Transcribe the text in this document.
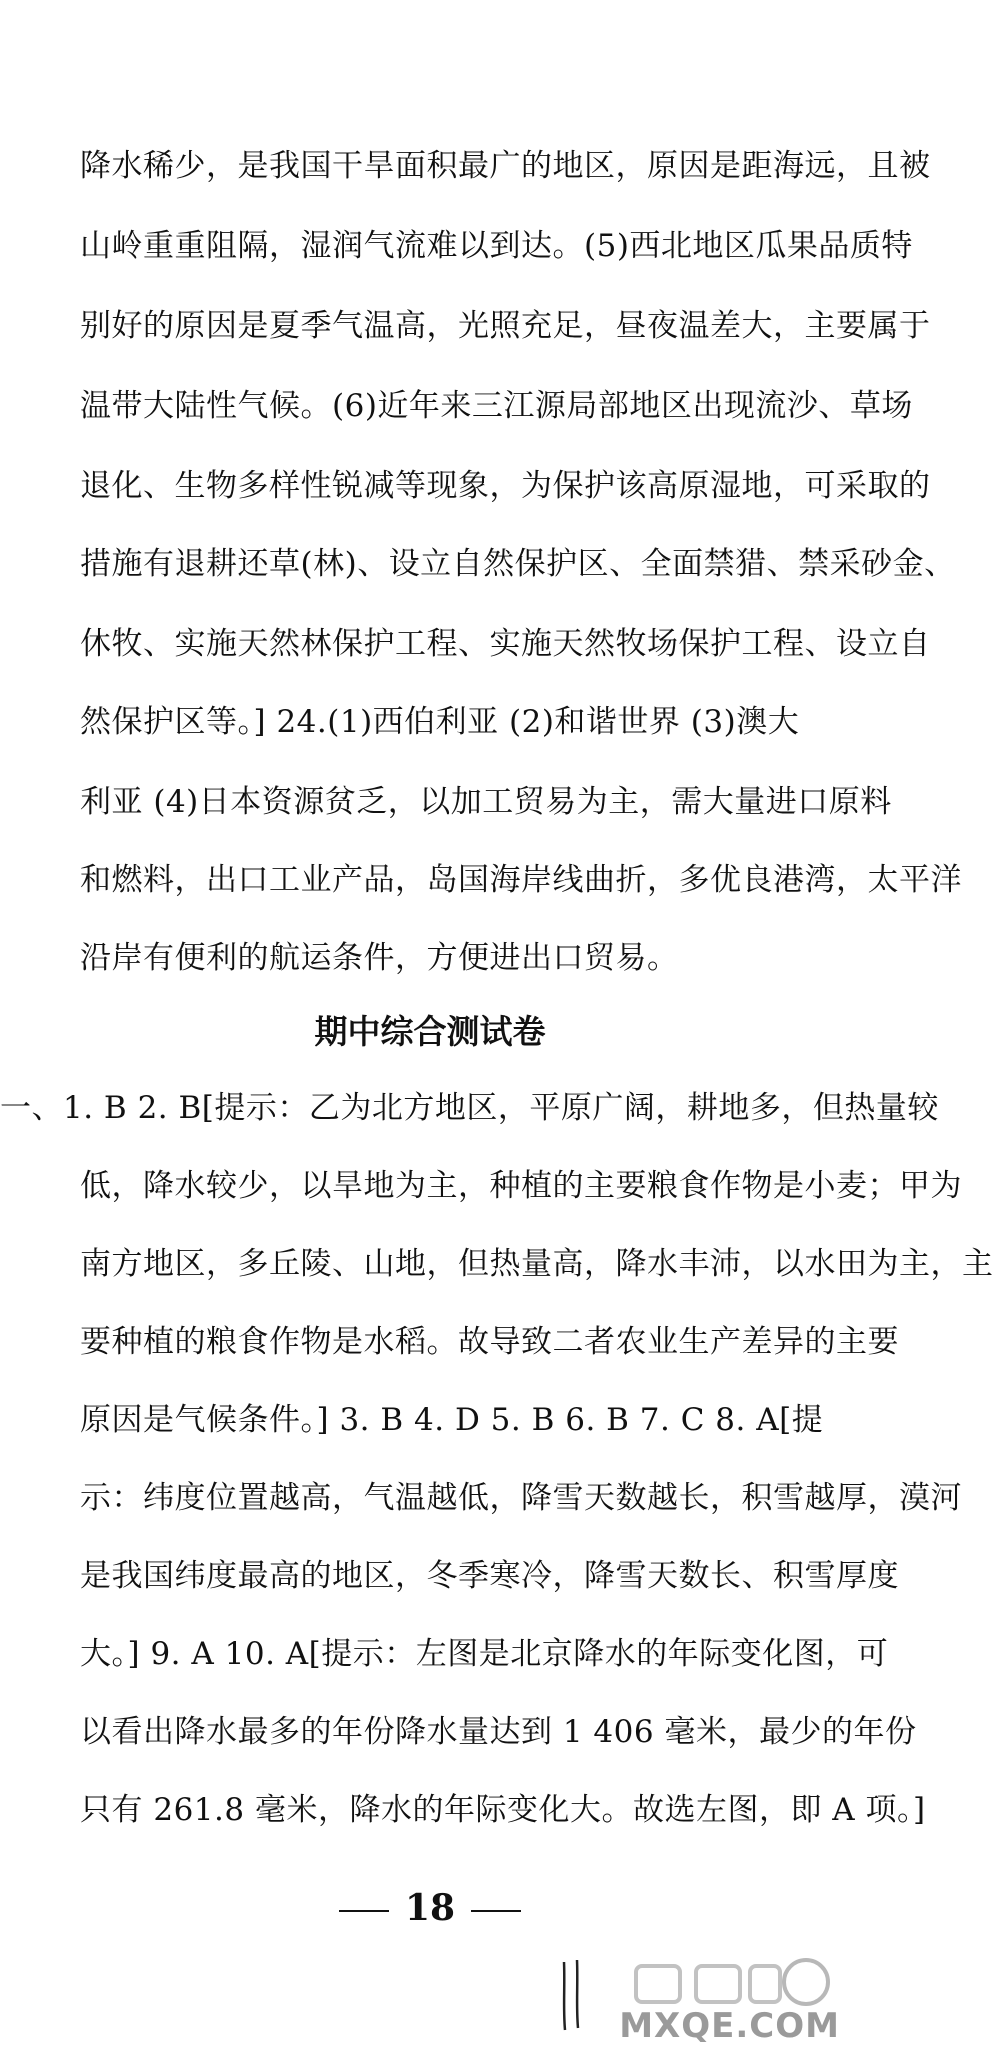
降水稀少，是我国干旱面积最广的地区，原因是距海远，且被
山岭重重阻隔，湿润气流难以到达。(5)西北地区瓜果品质特
别好的原因是夏季气温高，光照充足，昼夜温差大，主要属于
温带大陆性气候。(6)近年来三江源局部地区出现流沙、草场
退化、生物多样性锐减等现象，为保护该高原湿地，可采取的
措施有退耕还草(林)、设立自然保护区、全面禁猎、禁采砂金、
休牧、实施天然林保护工程、实施天然牧场保护工程、设立自
然保护区等。] 24.(1)西伯利亚 (2)和谐世界 (3)澳大
利亚 (4)日本资源贫乏，以加工贸易为主，需大量进口原料
和燃料，出口工业产品，岛国海岸线曲折，多优良港湾，太平洋
沿岸有便利的航运条件，方便进出口贸易。
期中综合测试卷
一、1. B 2. B[提示：乙为北方地区，平原广阔，耕地多，但热量较
低，降水较少，以旱地为主，种植的主要粮食作物是小麦；甲为
南方地区，多丘陵、山地，但热量高，降水丰沛，以水田为主，主
要种植的粮食作物是水稻。故导致二者农业生产差异的主要
原因是气候条件。] 3. B 4. D 5. B 6. B 7. C 8. A[提
示：纬度位置越高，气温越低，降雪天数越长，积雪越厚，漠河
是我国纬度最高的地区，冬季寒冷，降雪天数长、积雪厚度
大。] 9. A 10. A[提示：左图是北京降水的年际变化图，可
以看出降水最多的年份降水量达到 1 406 毫米，最少的年份
只有 261.8 毫米，降水的年际变化大。故选左图，即 A 项。]
18
MXQE.COM
